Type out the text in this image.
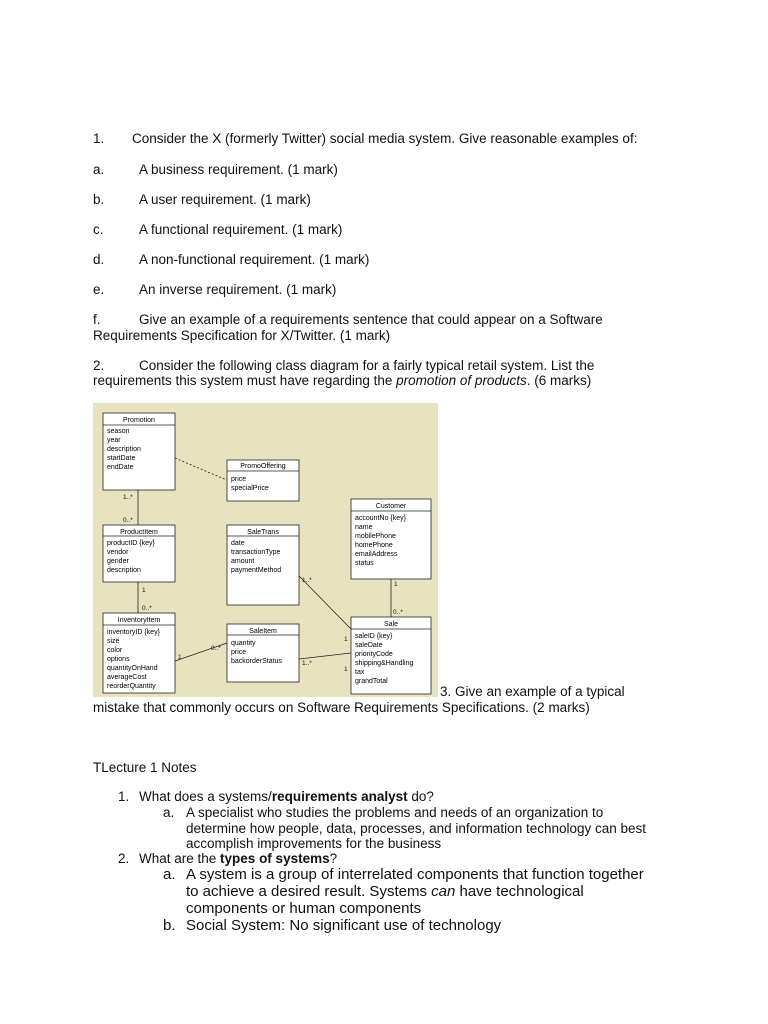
1. Consider the X (formerly Twitter) social media system. Give reasonable examples of:
a.	A business requirement. (1 mark)
b.	A user requirement. (1 mark)
c.	A functional requirement. (1 mark)
d.	A non-functional requirement. (1 mark)
e.	An inverse requirement. (1 mark)
f.	Give an example of a requirements sentence that could appear on a Software
Requirements Specification for X/Twitter. (1 mark)
2.	Consider the following class diagram for a fairly typical retail system. List the
requirements this system must have regarding the promotion of products. (6 marks)
Promotion
season
year
description
startDate
endDate	PromoOffering
price
specialPrice
Customer
accountNo {key}
name
mobilePhone
homePhone
emailAddress
status
ProductItem
productID {key}
vendor
gender
description
SaleTrans
date
transactionType
amount
paymentMethod
InventoryItem
inventoryID {key}
size
color
options
quantityOnHand
averageCost
reorderQuantity
SaleItem
quantity
price
backorderStatus
Sale
saleID {key}
saleDate
priorityCode
shipping&Handling
tax
grandTotal
1..*
0..*
1
0..*
1
0..*
1..*
1
1
0..*
1..*
1
3. Give an example of a typical
mistake that commonly occurs on Software Requirements Specifications. (2 marks)
TLecture 1 Notes
1. What does a systems/requirements analyst do?
a. A specialist who studies the problems and needs of an organization to
determine how people, data, processes, and information technology can best
accomplish improvements for the business
2. What are the types of systems?
a. A system is a group of interrelated components that function together
to achieve a desired result. Systems can have technological
components or human components
b. Social System: No significant use of technology
